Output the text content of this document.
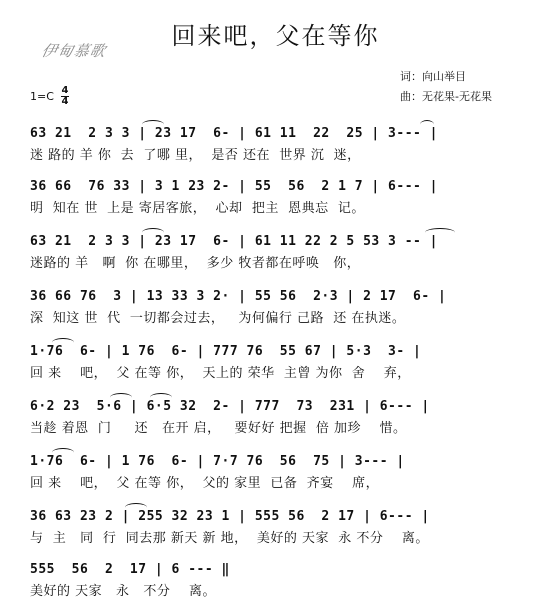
回来吧，父在等你
伊甸慕歌
词：向山举目
曲：无花果-无花果
1=C 4
4
63 21  2 3 3 | 23 17  6- | 61 11  22  25 | 3--- |
迷 路的 羊 你  去  了哪 里，  是否 还在  世界 沉  迷，
36 66  76 33 | 3 1 23 2- | 55  56  2 1 7 | 6--- |
明  知在 世  上是 寄居客旅，  心却  把主  恩典忘  记。
63 21  2 3 3 | 23 17  6- | 61 11 22 2 5 53 3 -- |
迷路的 羊   啊  你 在哪里，  多少 牧者都在呼唤   你，
36 66 76  3 | 13 33 3 2· | 55 56  2·3 | 2 17  6- |
深  知这 世  代  一切都会过去，   为何偏行 己路  还 在执迷。
1·76  6- | 1 76  6- | 777 76  55 67 | 5·3  3- |
回 来    吧，  父 在等 你，  天上的 荣华  主曾 为你  舍    弃，
6·2 23  5·6 | 6·5 32  2- | 777  73  231 | 6--- |
当趁 着恩  门     还   在开 启，   要好好 把握  倍 加珍    惜。
1·76  6- | 1 76  6- | 7·7 76  56  75 | 3--- |
回 来    吧，  父 在等 你，  父的 家里  已备  齐宴    席，
36 63 23 2 | 255 32 23 1 | 555 56  2 17 | 6--- |
与  主   同  行  同去那 新天 新 地，  美好的 天家  永 不分    离。
555  56  2  17 | 6 --- ‖
美好的 天家   永   不分    离。
